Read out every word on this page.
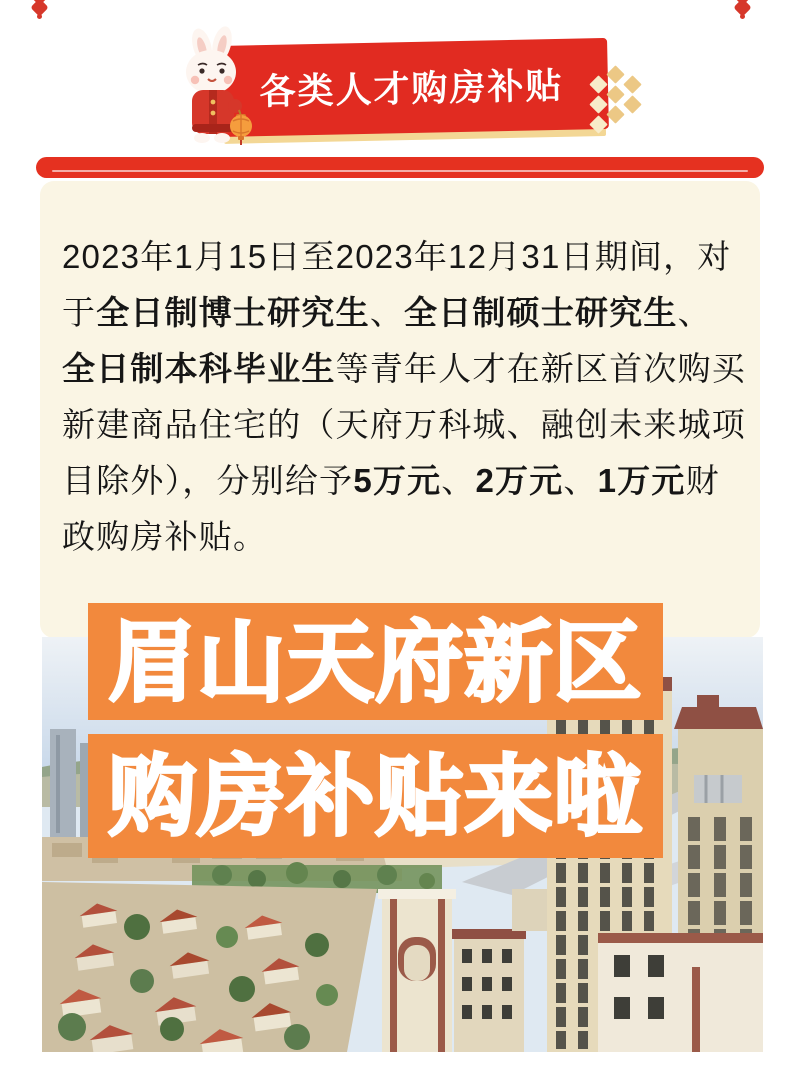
各类人才购房补贴
2023年1月15日至2023年12月31日期间，对于全日制博士研究生、全日制硕士研究生、全日制本科毕业生等青年人才在新区首次购买新建商品住宅的（天府万科城、融创未来城项目除外），分别给予5万元、2万元、1万元财政购房补贴。
眉山天府新区
购房补贴来啦
